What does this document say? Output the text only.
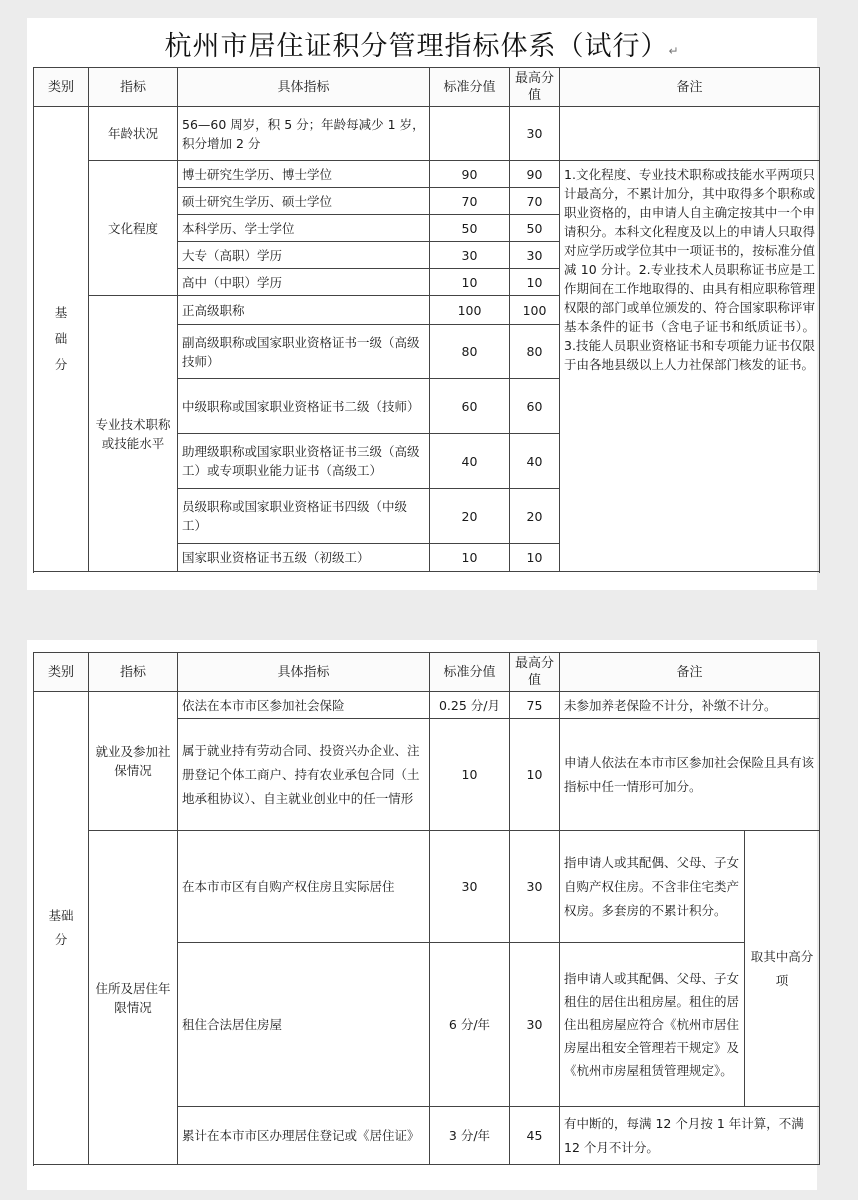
杭州市居住证积分管理指标体系（试行）↵
类别	指标	具体指标	标准分值	最高分值	备注
基础分	年龄状况	56—60 周岁，积 5 分；年龄每减少 1 岁，积分增加 2 分		30	
	文化程度	博士研究生学历、博士学位	90	90	1.文化程度、专业技术职称或技能水平两项只计最高分，不累计加分，其中取得多个职称或职业资格的，由申请人自主确定按其中一个申请积分。本科文化程度及以上的申请人只取得对应学历或学位其中一项证书的，按标准分值减 10 分计。2.专业技术人员职称证书应是工作期间在工作地取得的、由具有相应职称管理权限的部门或单位颁发的、符合国家职称评审基本条件的证书（含电子证书和纸质证书）。3.技能人员职业资格证书和专项能力证书仅限于由各地县级以上人力社保部门核发的证书。
		硕士研究生学历、硕士学位	70	70	
		本科学历、学士学位	50	50	
		大专（高职）学历	30	30	
		高中（中职）学历	10	10	
	专业技术职称或技能水平	正高级职称	100	100	
		副高级职称或国家职业资格证书一级（高级技师）	80	80	
		中级职称或国家职业资格证书二级（技师）	60	60	
		助理级职称或国家职业资格证书三级（高级工）或专项职业能力证书（高级工）	40	40	
		员级职称或国家职业资格证书四级（中级工）	20	20	
		国家职业资格证书五级（初级工）	10	10	

类别	指标	具体指标	标准分值	最高分值	备注	
基础分	就业及参加社保情况	依法在本市市区参加社会保险	0.25 分/月	75	未参加养老保险不计分，补缴不计分。	
		属于就业持有劳动合同、投资兴办企业、注册登记个体工商户、持有农业承包合同（土地承租协议）、自主就业创业中的任一情形	10	10	申请人依法在本市市区参加社会保险且具有该指标中任一情形可加分。	
	住所及居住年限情况	在本市市区有自购产权住房且实际居住	30	30	指申请人或其配偶、父母、子女自购产权住房。不含非住宅类产权房。多套房的不累计积分。	取其中高分项
		租住合法居住房屋	6 分/年	30	指申请人或其配偶、父母、子女租住的居住出租房屋。租住的居住出租房屋应符合《杭州市居住房屋出租安全管理若干规定》及《杭州市房屋租赁管理规定》。	
		累计在本市市区办理居住登记或《居住证》	3 分/年	45	有中断的，每满 12 个月按 1 年计算，不满 12 个月不计分。	
